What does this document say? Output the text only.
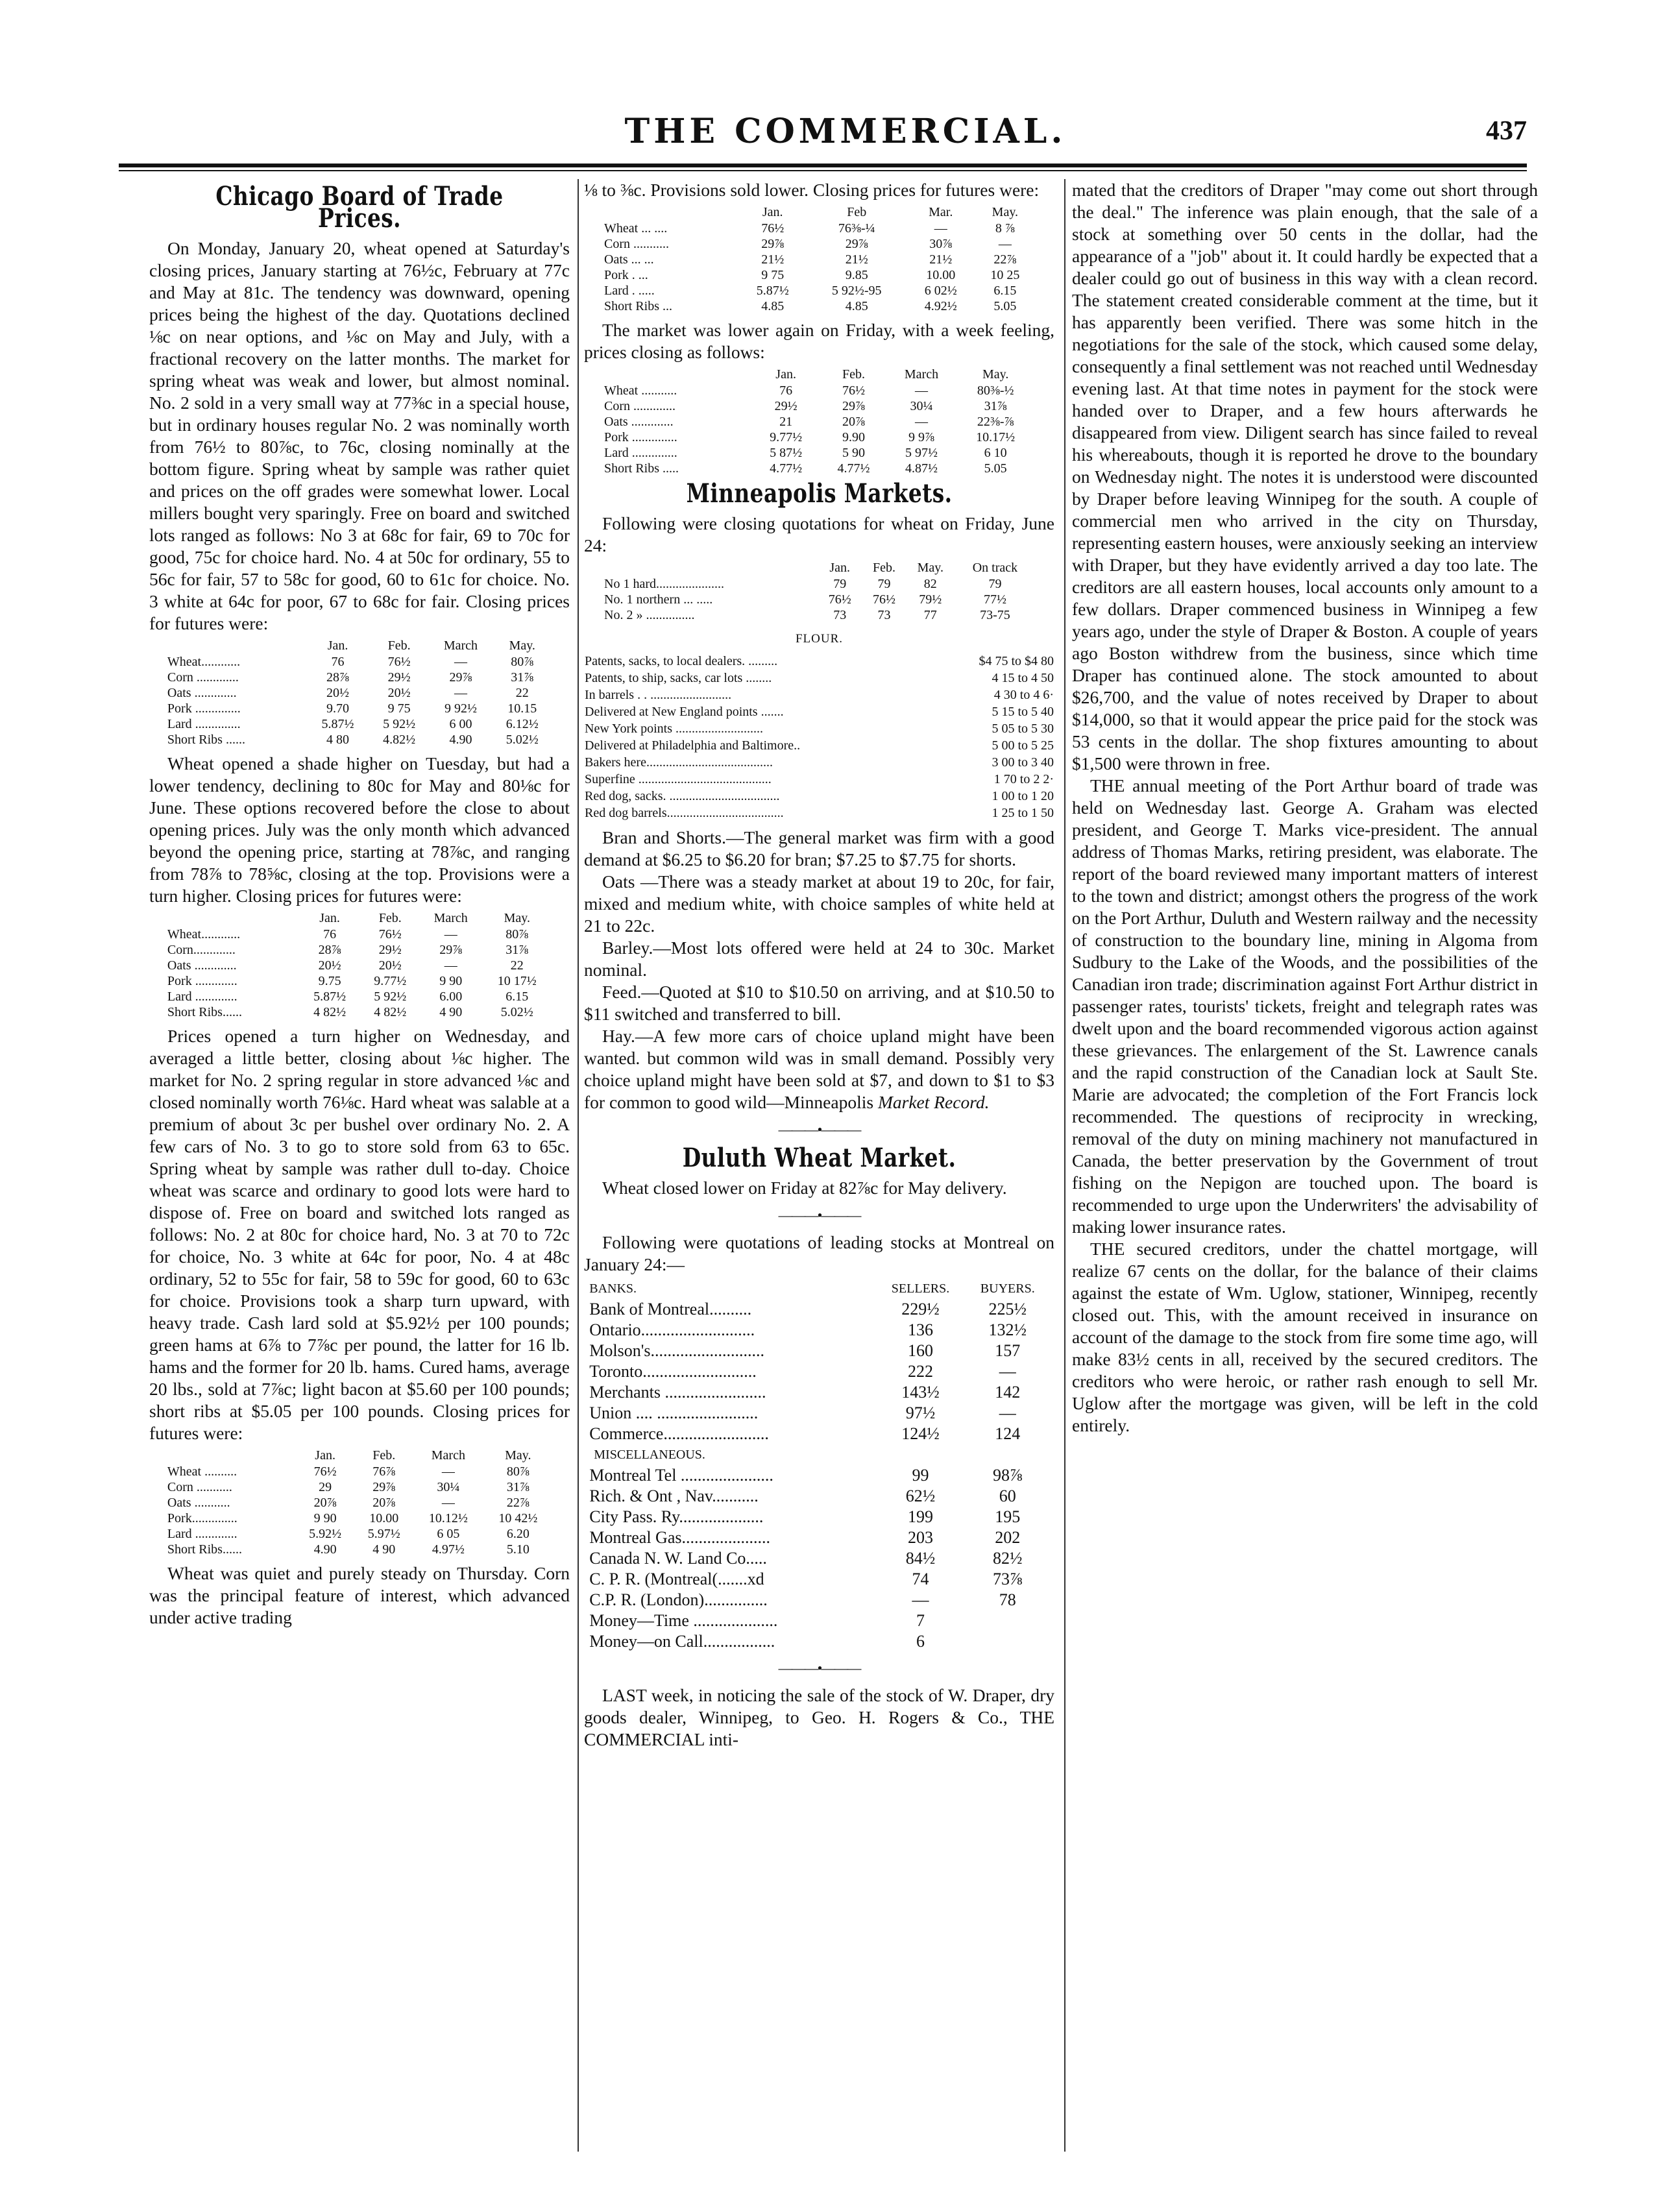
THE COMMERCIAL.	437
Chicago Board of Trade Prices.

On Monday, January 20, wheat opened at Saturday's closing prices, January starting at 76½c, February at 77c and May at 81c. The tendency was downward, opening prices being the highest of the day. Quotations declined ⅛c on near options, and ⅛c on May and July, with a fractional recovery on the latter months. The market for spring wheat was weak and lower, but almost nominal. No. 2 sold in a very small way at 77⅜c in a special house, but in ordinary houses regular No. 2 was nominally worth from 76½ to 80⅞c, to 76c, closing nominally at the bottom figure. Spring wheat by sample was rather quiet and prices on the off grades were somewhat lower. Local millers bought very sparingly. Free on board and switched lots ranged as follows: No 3 at 68c for fair, 69 to 70c for good, 75c for choice hard. No. 4 at 50c for ordinary, 55 to 56c for fair, 57 to 58c for good, 60 to 61c for choice. No. 3 white at 64c for poor, 67 to 68c for fair. Closing prices for futures were:

	Jan.	Feb.	March	May.
Wheat............	76	76½	—	80⅞
Corn .............	28⅞	29½	29⅞	31⅞
Oats .............	20½	20½	—	22
Pork ..............	9.70	9 75	9 92½	10.15
Lard ..............	5.87½	5 92½	6 00	6.12½
Short Ribs ......	4 80	4.82½	4.90	5.02½

Wheat opened a shade higher on Tuesday, but had a lower tendency, declining to 80c for May and 80⅛c for June. These options recovered before the close to about opening prices. July was the only month which advanced beyond the opening price, starting at 78⅞c, and ranging from 78⅞ to 78⅝c, closing at the top. Provisions were a turn higher. Closing prices for futures were:

	Jan.	Feb.	March	May.
Wheat............	76	76½	—	80⅞
Corn.............	28⅞	29½	29⅞	31⅞
Oats .............	20½	20½	—	22
Pork .............	9.75	9.77½	9 90	10 17½
Lard .............	5.87½	5 92½	6.00	6.15
Short Ribs......	4 82½	4 82½	4 90	5.02½

Prices opened a turn higher on Wednesday, and averaged a little better, closing about ⅛c higher. The market for No. 2 spring regular in store advanced ⅛c and closed nominally worth 76⅛c. Hard wheat was salable at a premium of about 3c per bushel over ordinary No. 2. A few cars of No. 3 to go to store sold from 63 to 65c. Spring wheat by sample was rather dull to-day. Choice wheat was scarce and ordinary to good lots were hard to dispose of. Free on board and switched lots ranged as follows: No. 2 at 80c for choice hard, No. 3 at 70 to 72c for choice, No. 3 white at 64c for poor, No. 4 at 48c ordinary, 52 to 55c for fair, 58 to 59c for good, 60 to 63c for choice. Provisions took a sharp turn upward, with heavy trade. Cash lard sold at $5.92½ per 100 pounds; green hams at 6⅞ to 7⅞c per pound, the latter for 16 lb. hams and the former for 20 lb. hams. Cured hams, average 20 lbs., sold at 7⅞c; light bacon at $5.60 per 100 pounds; short ribs at $5.05 per 100 pounds. Closing prices for futures were:

	Jan.	Feb.	March	May.
Wheat ..........	76½	76⅞	—	80⅞
Corn ...........	29	29⅞	30¼	31⅞
Oats ...........	20⅞	20⅞	—	22⅞
Pork..............	9 90	10.00	10.12½	10 42½
Lard .............	5.92½	5.97½	6 05	6.20
Short Ribs......	4.90	4 90	4.97½	5.10

Wheat was quiet and purely steady on Thursday. Corn was the principal feature of interest, which advanced under active trading

⅛ to ⅜c. Provisions sold lower. Closing prices for futures were:

	Jan.	Feb	Mar.	May.
Wheat ... ....	76½	76⅜-¼	—	8 ⅞
Corn ...........	29⅞	29⅞	30⅞	—
Oats ... ...	21½	21½	21½	22⅞
Pork . ...	9 75	9.85	10.00	10 25
Lard . .....	5.87½	5 92½-95	6 02½	6.15
Short Ribs ...	4.85	4.85	4.92½	5.05

The market was lower again on Friday, with a week feeling, prices closing as follows:

	Jan.	Feb.	March	May.
Wheat ...........	76	76½	—	80⅜-½
Corn .............	29½	29⅞	30¼	31⅞
Oats .............	21	20⅞	—	22⅜-⅞
Pork ..............	9.77½	9.90	9 9⅞	10.17½
Lard ..............	5 87½	5 90	5 97½	6 10
Short Ribs .....	4.77½	4.77½	4.87½	5.05
Minneapolis Markets.

Following were closing quotations for wheat on Friday, June 24:

	Jan.	Feb.	May.	On track
No 1 hard.....................	79	79	82	79
No. 1 northern ... .....	76½	76½	79½	77½
No. 2 » ...............	73	73	77	73-75
FLOUR.
Patents, sacks, to local dealers. .........	$4 75 to $4 80
Patents, to ship, sacks, car lots ........	4 15 to 4 50
In barrels . . .........................	4 30 to 4 6·
Delivered at New England points .......	5 15 to 5 40
New York points ...........................	5 05 to 5 30
Delivered at Philadelphia and Baltimore..	5 00 to 5 25
Bakers here.......................................	3 00 to 3 40
Superfine .........................................	1 70 to 2 2·
Red dog, sacks. ..................................	1 00 to 1 20
Red dog barrels....................................	1 25 to 1 50

Bran and Shorts.—The general market was firm with a good demand at $6.25 to $6.20 for bran; $7.25 to $7.75 for shorts.

Oats —There was a steady market at about 19 to 20c, for fair, mixed and medium white, with choice samples of white held at 21 to 22c.

Barley.—Most lots offered were held at 24 to 30c. Market nominal.

Feed.—Quoted at $10 to $10.50 on arriving, and at $10.50 to $11 switched and transferred to bill.

Hay.—A few more cars of choice upland might have been wanted. but common wild was in small demand. Possibly very choice upland might have been sold at $7, and down to $1 to $3 for common to good wild—Minneapolis Market Record.

———•———
Duluth Wheat Market.

Wheat closed lower on Friday at 82⅞c for May delivery.

———•———

Following were quotations of leading stocks at Montreal on January 24:—

BANKS.	SELLERS.	BUYERS.
Bank of Montreal..........	229½	225½
Ontario...........................	136	132½
Molson's...........................	160	157
Toronto...........................	222	—
Merchants ........................	143½	142
Union .... ........................	97½	—
Commerce.........................	124½	124
MISCELLANEOUS.		
Montreal Tel ......................	99	98⅞
Rich. & Ont , Nav...........	62½	60
City Pass. Ry....................	199	195
Montreal Gas.....................	203	202
Canada N. W. Land Co.....	84½	82½
C. P. R. (Montreal(.......xd	74	73⅞
C.P. R. (London)...............	—	78
Money—Time ....................	7	
Money—on Call.................	6	
———•———

LAST week, in noticing the sale of the stock of W. Draper, dry goods dealer, Winnipeg, to Geo. H. Rogers & Co., THE COMMERCIAL inti-

mated that the creditors of Draper "may come out short through the deal." The inference was plain enough, that the sale of a stock at something over 50 cents in the dollar, had the appearance of a "job" about it. It could hardly be expected that a dealer could go out of business in this way with a clean record. The statement created considerable comment at the time, but it has apparently been verified. There was some hitch in the negotiations for the sale of the stock, which caused some delay, consequently a final settlement was not reached until Wednesday evening last. At that time notes in payment for the stock were handed over to Draper, and a few hours afterwards he disappeared from view. Diligent search has since failed to reveal his whereabouts, though it is reported he drove to the boundary on Wednesday night. The notes it is understood were discounted by Draper before leaving Winnipeg for the south. A couple of commercial men who arrived in the city on Thursday, representing eastern houses, were anxiously seeking an interview with Draper, but they have evidently arrived a day too late. The creditors are all eastern houses, local accounts only amount to a few dollars. Draper commenced business in Winnipeg a few years ago, under the style of Draper & Boston. A couple of years ago Boston withdrew from the business, since which time Draper has continued alone. The stock amounted to about $26,700, and the value of notes received by Draper to about $14,000, so that it would appear the price paid for the stock was 53 cents in the dollar. The shop fixtures amounting to about $1,500 were thrown in free.

THE annual meeting of the Port Arthur board of trade was held on Wednesday last. George A. Graham was elected president, and George T. Marks vice-president. The annual address of Thomas Marks, retiring president, was elaborate. The report of the board reviewed many important matters of interest to the town and district; amongst others the progress of the work on the Port Arthur, Duluth and Western railway and the necessity of construction to the boundary line, mining in Algoma from Sudbury to the Lake of the Woods, and the possibilities of the Canadian iron trade; discrimination against Fort Arthur district in passenger rates, tourists' tickets, freight and telegraph rates was dwelt upon and the board recommended vigorous action against these grievances. The enlargement of the St. Lawrence canals and the rapid construction of the Canadian lock at Sault Ste. Marie are advocated; the completion of the Fort Francis lock recommended. The questions of reciprocity in wrecking, removal of the duty on mining machinery not manufactured in Canada, the better preservation by the Government of trout fishing on the Nepigon are touched upon. The board is recommended to urge upon the Underwriters' the advisability of making lower insurance rates.

THE secured creditors, under the chattel mortgage, will realize 67 cents on the dollar, for the balance of their claims against the estate of Wm. Uglow, stationer, Winnipeg, recently closed out. This, with the amount received in insurance on account of the damage to the stock from fire some time ago, will make 83½ cents in all, received by the secured creditors. The creditors who were heroic, or rather rash enough to sell Mr. Uglow after the mortgage was given, will be left in the cold entirely.
